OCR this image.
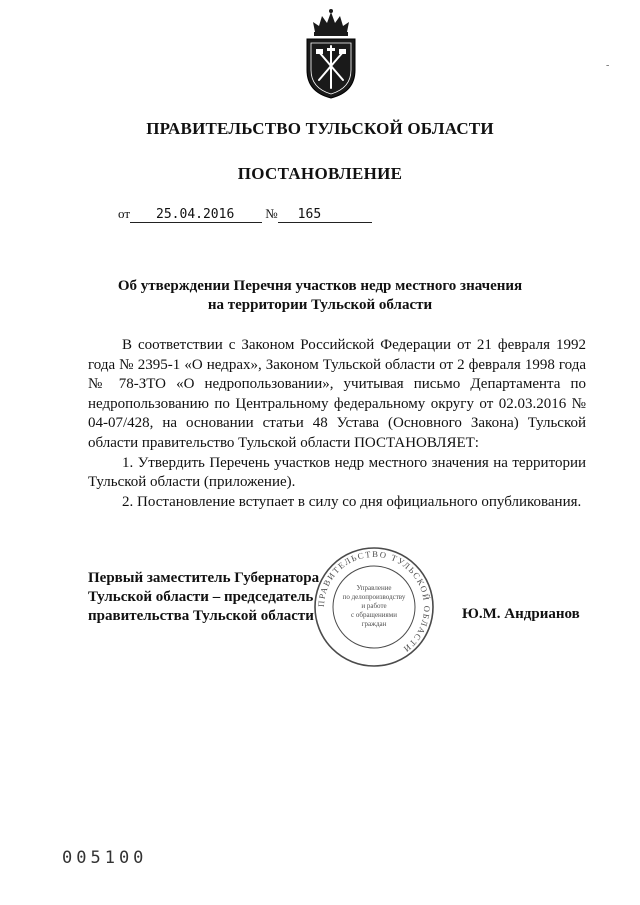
-
ПРАВИТЕЛЬСТВО ТУЛЬСКОЙ ОБЛАСТИ
ПОСТАНОВЛЕНИЕ
от 25.04.2016 № 165
Об утверждении Перечня участков недр местного значения
на территории Тульской области

В соответствии с Законом Российской Федерации от 21 февраля 1992 года № 2395-1 «О недрах», Законом Тульской области от 2 февраля 1998 года № 78-ЗТО «О недропользовании», учитывая письмо Департамента по недропользованию по Центральному федеральному округу от 02.03.2016 № 04-07/428, на основании статьи 48 Устава (Основного Закона) Тульской области правительство Тульской области ПОСТАНОВЛЯЕТ:

1. Утвердить Перечень участков недр местного значения на территории Тульской области (приложение).

2. Постановление вступает в силу со дня официального опубликования.

Первый заместитель Губернатора
Тульской области – председатель
правительства Тульской области
ПРАВИТЕЛЬСТВО ТУЛЬСКОЙ ОБЛАСТИ
Управление
по делопроизводству
и работе
с обращениями
граждан
Ю.М. Андрианов
005100
